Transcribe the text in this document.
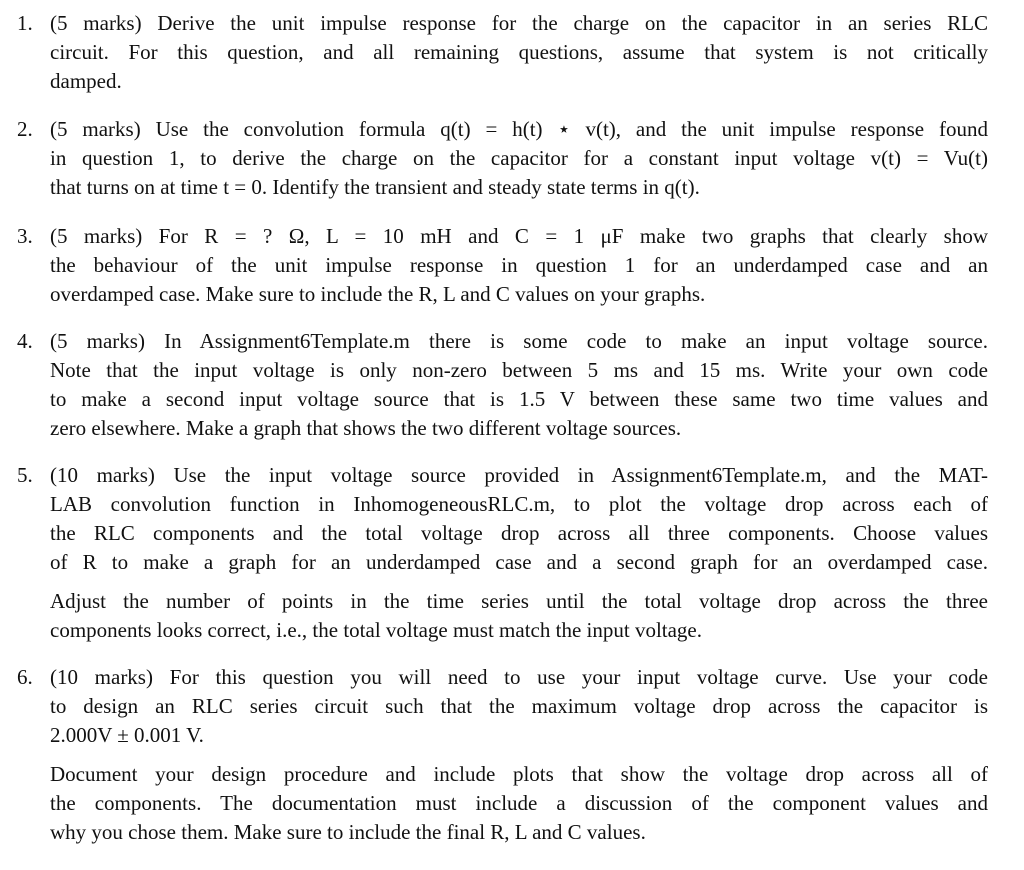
1. (5 marks) Derive the unit impulse response for the charge on the capacitor in an series RLC
circuit. For this question, and all remaining questions, assume that system is not critically
damped.
2. (5 marks) Use the convolution formula q(t) = h(t) ⋆ v(t), and the unit impulse response found
in question 1, to derive the charge on the capacitor for a constant input voltage v(t) = Vu(t)
that turns on at time t = 0. Identify the transient and steady state terms in q(t).
3. (5 marks) For R = ? Ω, L = 10 mH and C = 1 μF make two graphs that clearly show
the behaviour of the unit impulse response in question 1 for an underdamped case and an
overdamped case. Make sure to include the R, L and C values on your graphs.
4. (5 marks) In Assignment6Template.m there is some code to make an input voltage source.
Note that the input voltage is only non-zero between 5 ms and 15 ms. Write your own code
to make a second input voltage source that is 1.5 V between these same two time values and
zero elsewhere. Make a graph that shows the two different voltage sources.
5. (10 marks) Use the input voltage source provided in Assignment6Template.m, and the MAT-
LAB convolution function in InhomogeneousRLC.m, to plot the voltage drop across each of
the RLC components and the total voltage drop across all three components. Choose values
of R to make a graph for an underdamped case and a second graph for an overdamped case.
Adjust the number of points in the time series until the total voltage drop across the three
components looks correct, i.e., the total voltage must match the input voltage.
6. (10 marks) For this question you will need to use your input voltage curve. Use your code
to design an RLC series circuit such that the maximum voltage drop across the capacitor is
2.000V ± 0.001 V.
Document your design procedure and include plots that show the voltage drop across all of
the components. The documentation must include a discussion of the component values and
why you chose them. Make sure to include the final R, L and C values.
